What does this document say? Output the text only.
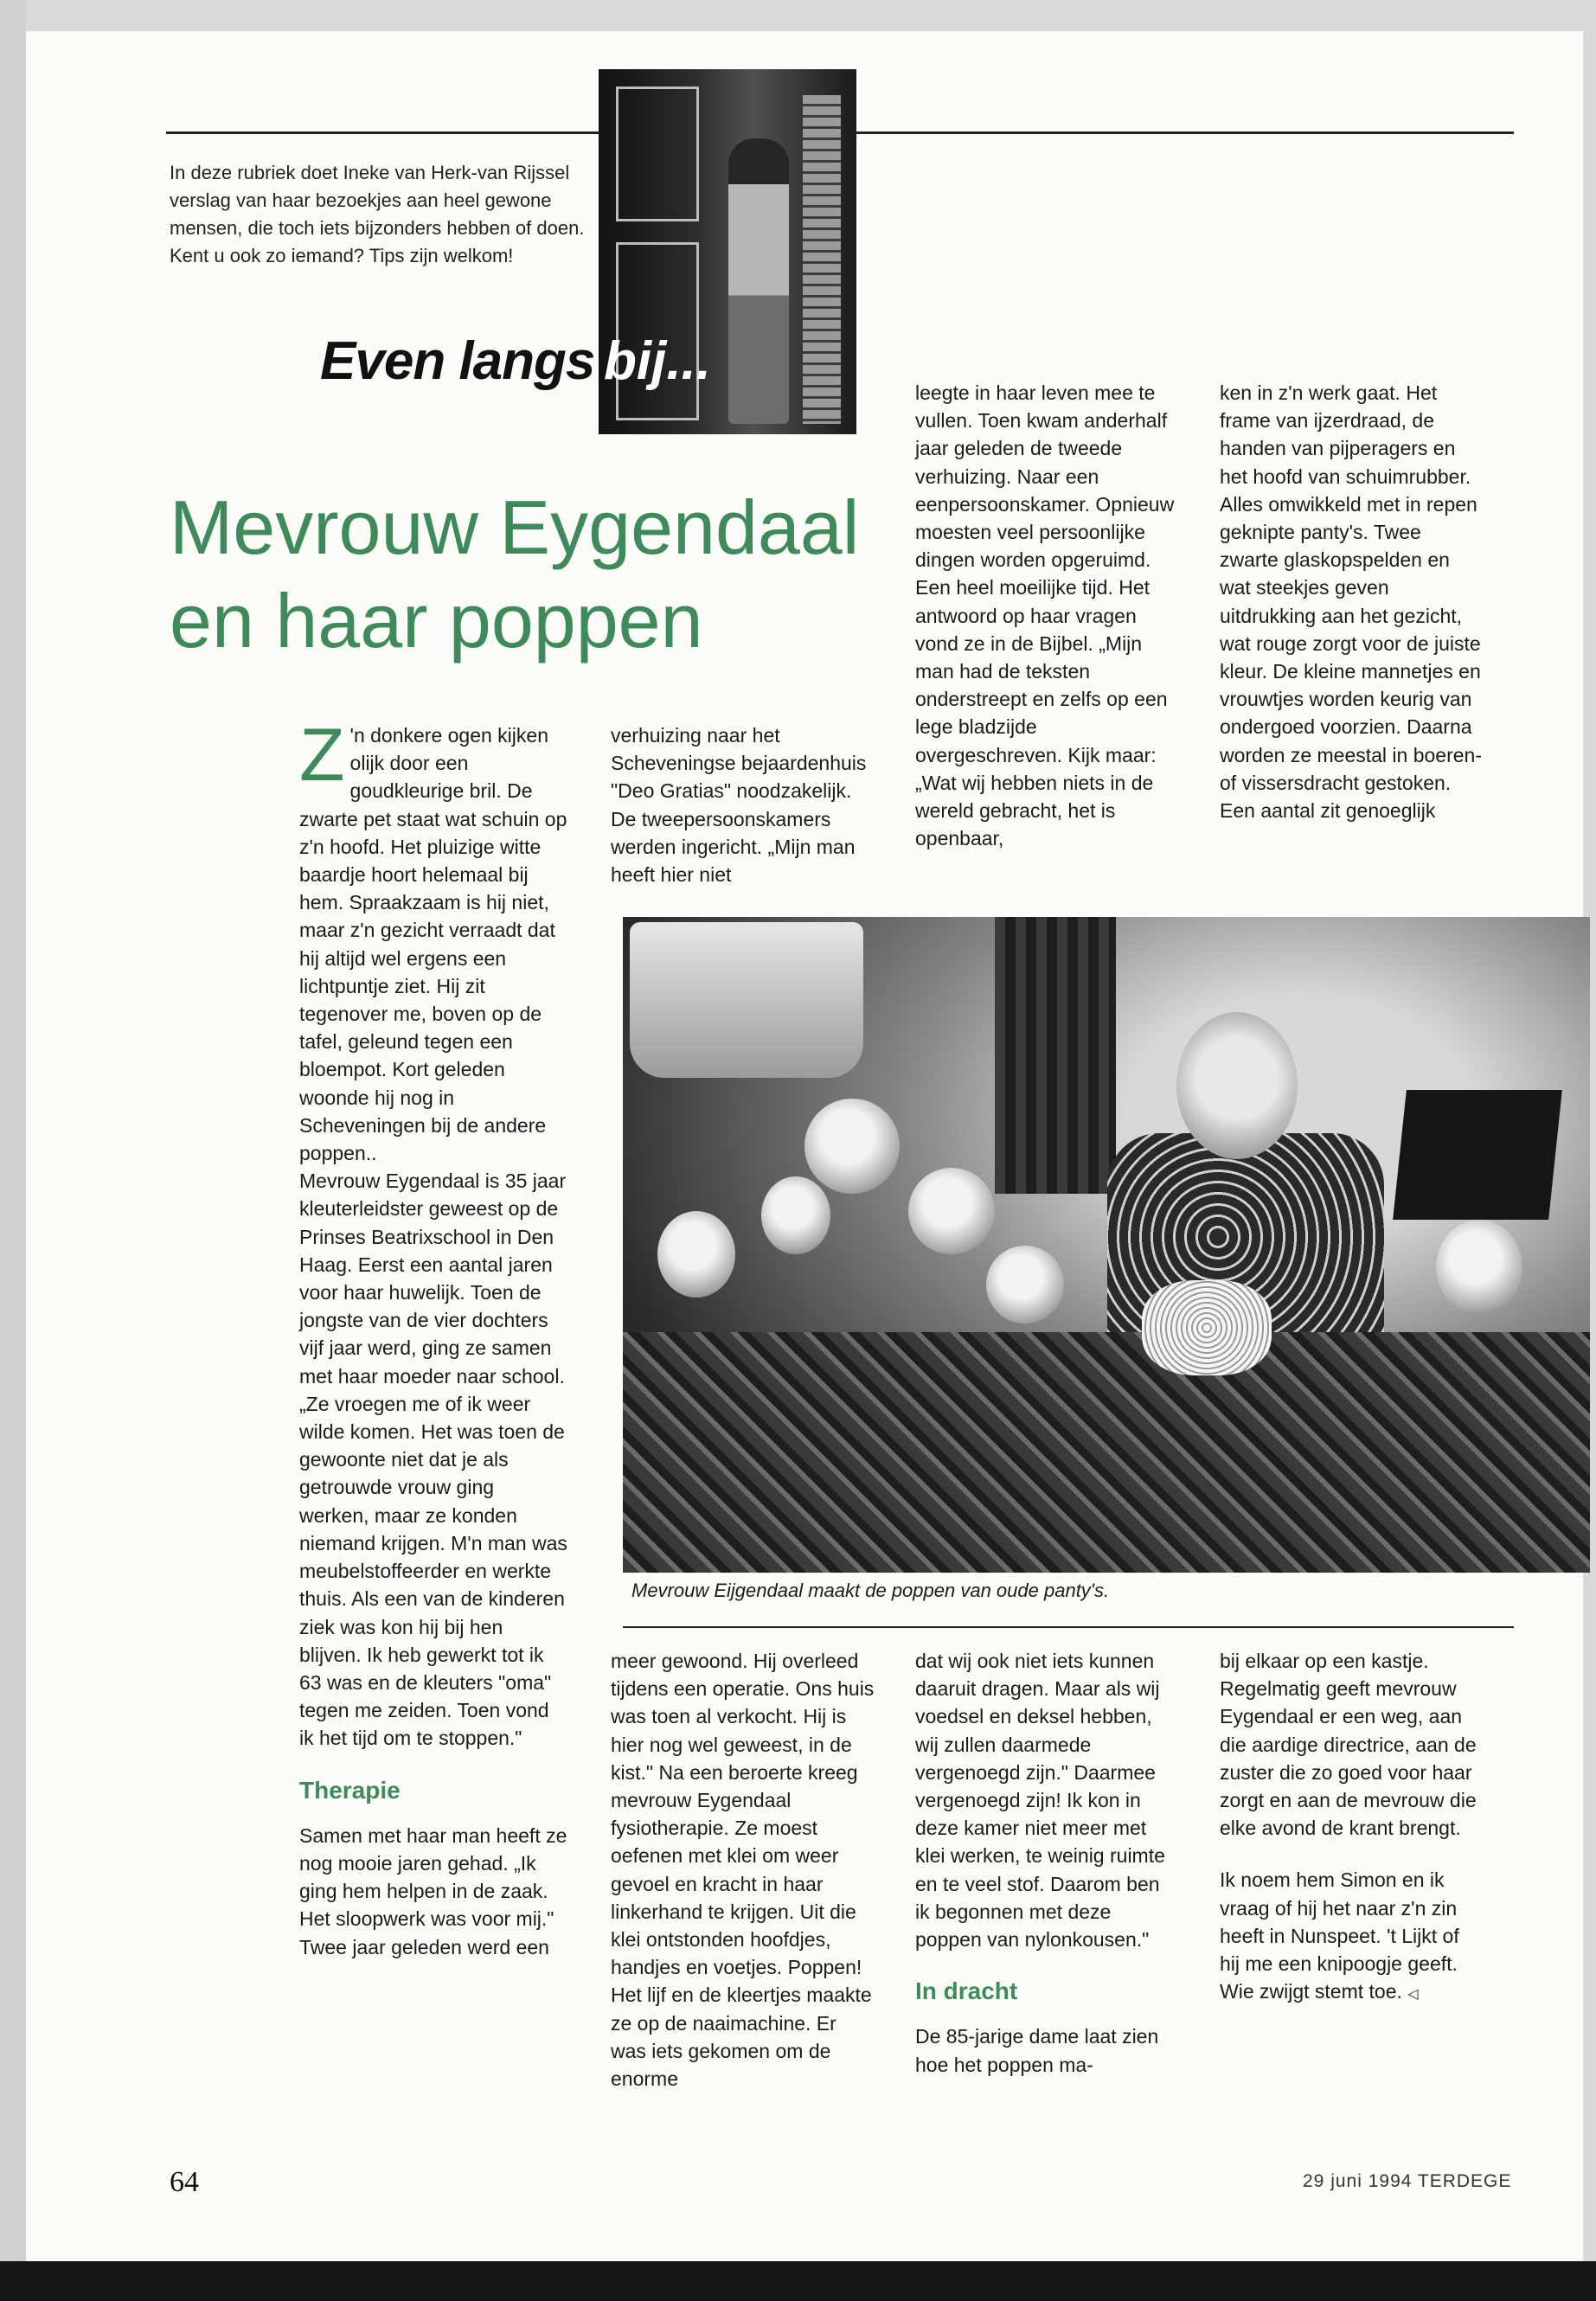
In deze rubriek doet Ineke van Herk-van Rijssel verslag van haar bezoekjes aan heel gewone mensen, die toch iets bijzonders hebben of doen. Kent u ook zo iemand? Tips zijn welkom!
Even langs bij...
Mevrouw Eygendaal
en haar poppen

Z 'n donkere ogen kijken olijk door een goudkleurige bril. De zwarte pet staat wat schuin op z'n hoofd. Het pluizige witte baardje hoort helemaal bij hem. Spraakzaam is hij niet, maar z'n gezicht verraadt dat hij altijd wel ergens een lichtpuntje ziet. Hij zit tegenover me, boven op de tafel, geleund tegen een bloempot. Kort geleden woonde hij nog in Scheveningen bij de andere poppen..

Mevrouw Eygendaal is 35 jaar kleuterleidster geweest op de Prinses Beatrixschool in Den Haag. Eerst een aantal jaren voor haar huwelijk. Toen de jongste van de vier dochters vijf jaar werd, ging ze samen met haar moeder naar school. „Ze vroegen me of ik weer wilde komen. Het was toen de gewoonte niet dat je als getrouwde vrouw ging werken, maar ze konden niemand krijgen. M'n man was meubelstoffeerder en werkte thuis. Als een van de kinderen ziek was kon hij bij hen blijven. Ik heb gewerkt tot ik 63 was en de kleuters "oma" tegen me zeiden. Toen vond ik het tijd om te stoppen."

Therapie

Samen met haar man heeft ze nog mooie jaren gehad. „Ik ging hem helpen in de zaak. Het sloopwerk was voor mij." Twee jaar geleden werd een

verhuizing naar het Scheveningse bejaardenhuis "Deo Gratias" noodzakelijk. De tweepersoonskamers werden ingericht. „Mijn man heeft hier niet

leegte in haar leven mee te vullen. Toen kwam anderhalf jaar geleden de tweede verhuizing. Naar een eenpersoonskamer. Opnieuw moesten veel persoonlijke dingen worden opgeruimd. Een heel moeilijke tijd. Het antwoord op haar vragen vond ze in de Bijbel. „Mijn man had de teksten onderstreept en zelfs op een lege bladzijde overgeschreven. Kijk maar: „Wat wij hebben niets in de wereld gebracht, het is openbaar,

ken in z'n werk gaat. Het frame van ijzerdraad, de handen van pijperagers en het hoofd van schuimrubber. Alles omwikkeld met in repen geknipte panty's. Twee zwarte glaskopspelden en wat steekjes geven uitdrukking aan het gezicht, wat rouge zorgt voor de juiste kleur. De kleine mannetjes en vrouwtjes worden keurig van ondergoed voorzien. Daarna worden ze meestal in boeren- of vissersdracht gestoken. Een aantal zit genoeglijk

Mevrouw Eijgendaal maakt de poppen van oude panty's.

meer gewoond. Hij overleed tijdens een operatie. Ons huis was toen al verkocht. Hij is hier nog wel geweest, in de kist." Na een beroerte kreeg mevrouw Eygendaal fysiotherapie. Ze moest oefenen met klei om weer gevoel en kracht in haar linkerhand te krijgen. Uit die klei ontstonden hoofdjes, handjes en voetjes. Poppen! Het lijf en de kleertjes maakte ze op de naaimachine. Er was iets gekomen om de enorme

dat wij ook niet iets kunnen daaruit dragen. Maar als wij voedsel en deksel hebben, wij zullen daarmede vergenoegd zijn." Daarmee vergenoegd zijn! Ik kon in deze kamer niet meer met klei werken, te weinig ruimte en te veel stof. Daarom ben ik begonnen met deze poppen van nylonkousen."

In dracht

De 85-jarige dame laat zien hoe het poppen ma-

bij elkaar op een kastje. Regelmatig geeft mevrouw Eygendaal er een weg, aan die aardige directrice, aan de zuster die zo goed voor haar zorgt en aan de mevrouw die elke avond de krant brengt.

Ik noem hem Simon en ik vraag of hij het naar z'n zin heeft in Nunspeet. 't Lijkt of hij me een knipoogje geeft. Wie zwijgt stemt toe. ◁

64	29 juni 1994 TERDEGE
